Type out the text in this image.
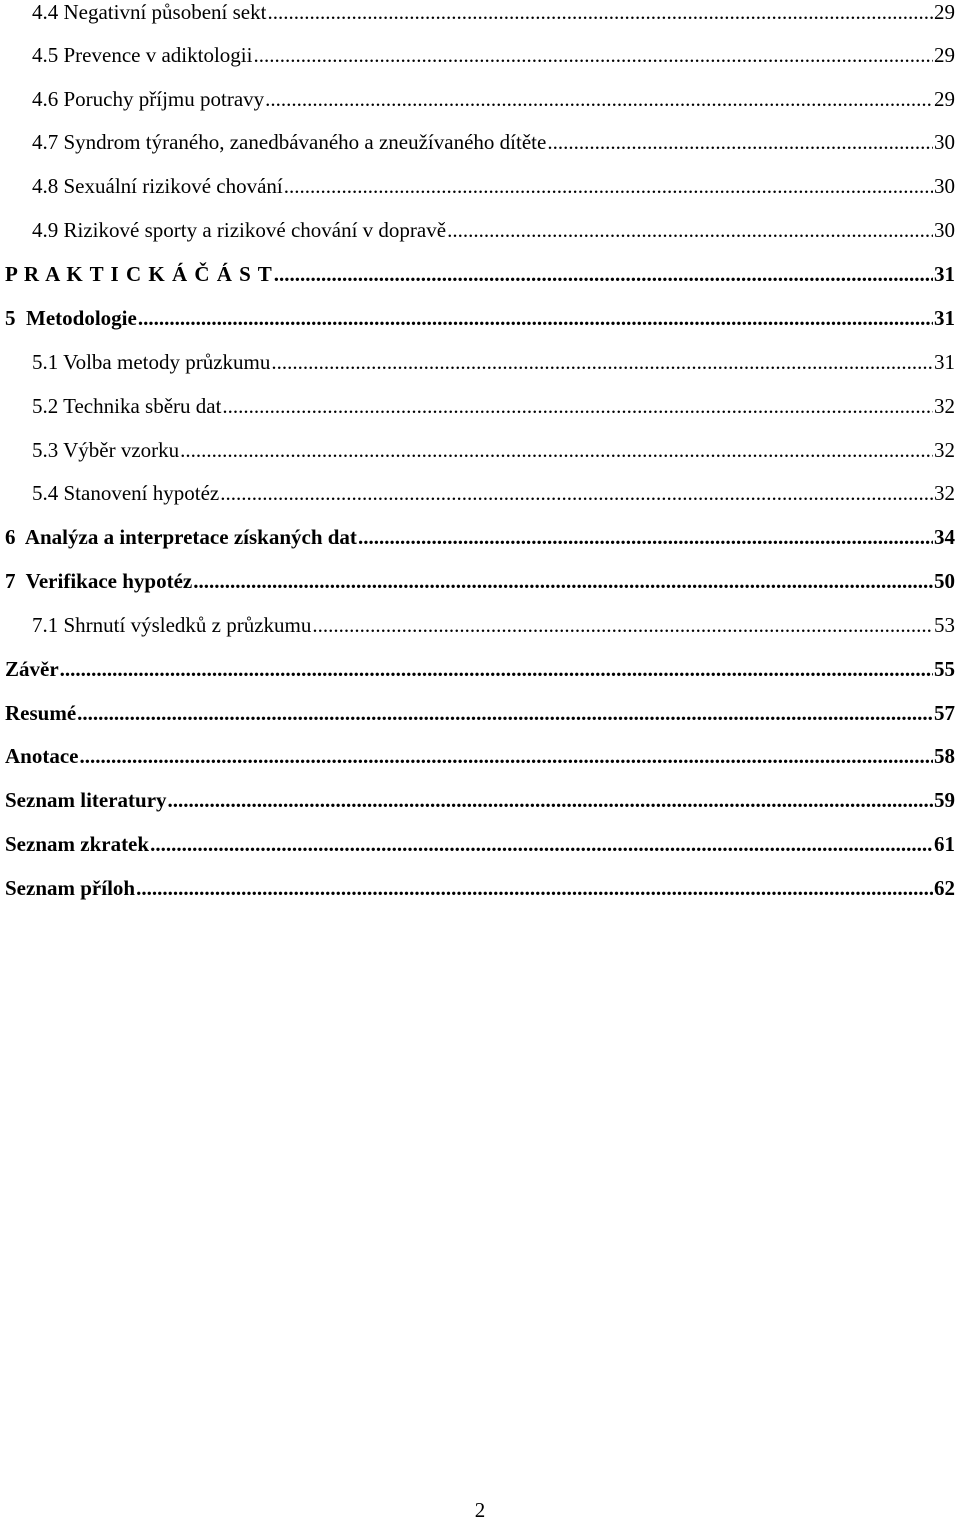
4.4 Negativní působení sekt .....	29
4.5 Prevence v adiktologii .....	29
4.6 Poruchy příjmu potravy .....	29
4.7 Syndrom týraného, zanedbávaného a zneužívaného dítěte .....	30
4.8 Sexuální rizikové chování .....	30
4.9 Rizikové sporty a rizikové chování v dopravě .....	30
P R A K T I C K Á Č Á S T .....	31
5  Metodologie .....	31
5.1 Volba metody průzkumu .....	31
5.2 Technika sběru dat .....	32
5.3 Výběr vzorku .....	32
5.4 Stanovení hypotéz .....	32
6  Analýza a interpretace získaných dat .....	34
7  Verifikace hypotéz .....	50
7.1 Shrnutí výsledků z průzkumu .....	53
Závěr .....	55
Resumé .....	57
Anotace .....	58
Seznam literatury .....	59
Seznam zkratek .....	61
Seznam příloh .....	62
2
